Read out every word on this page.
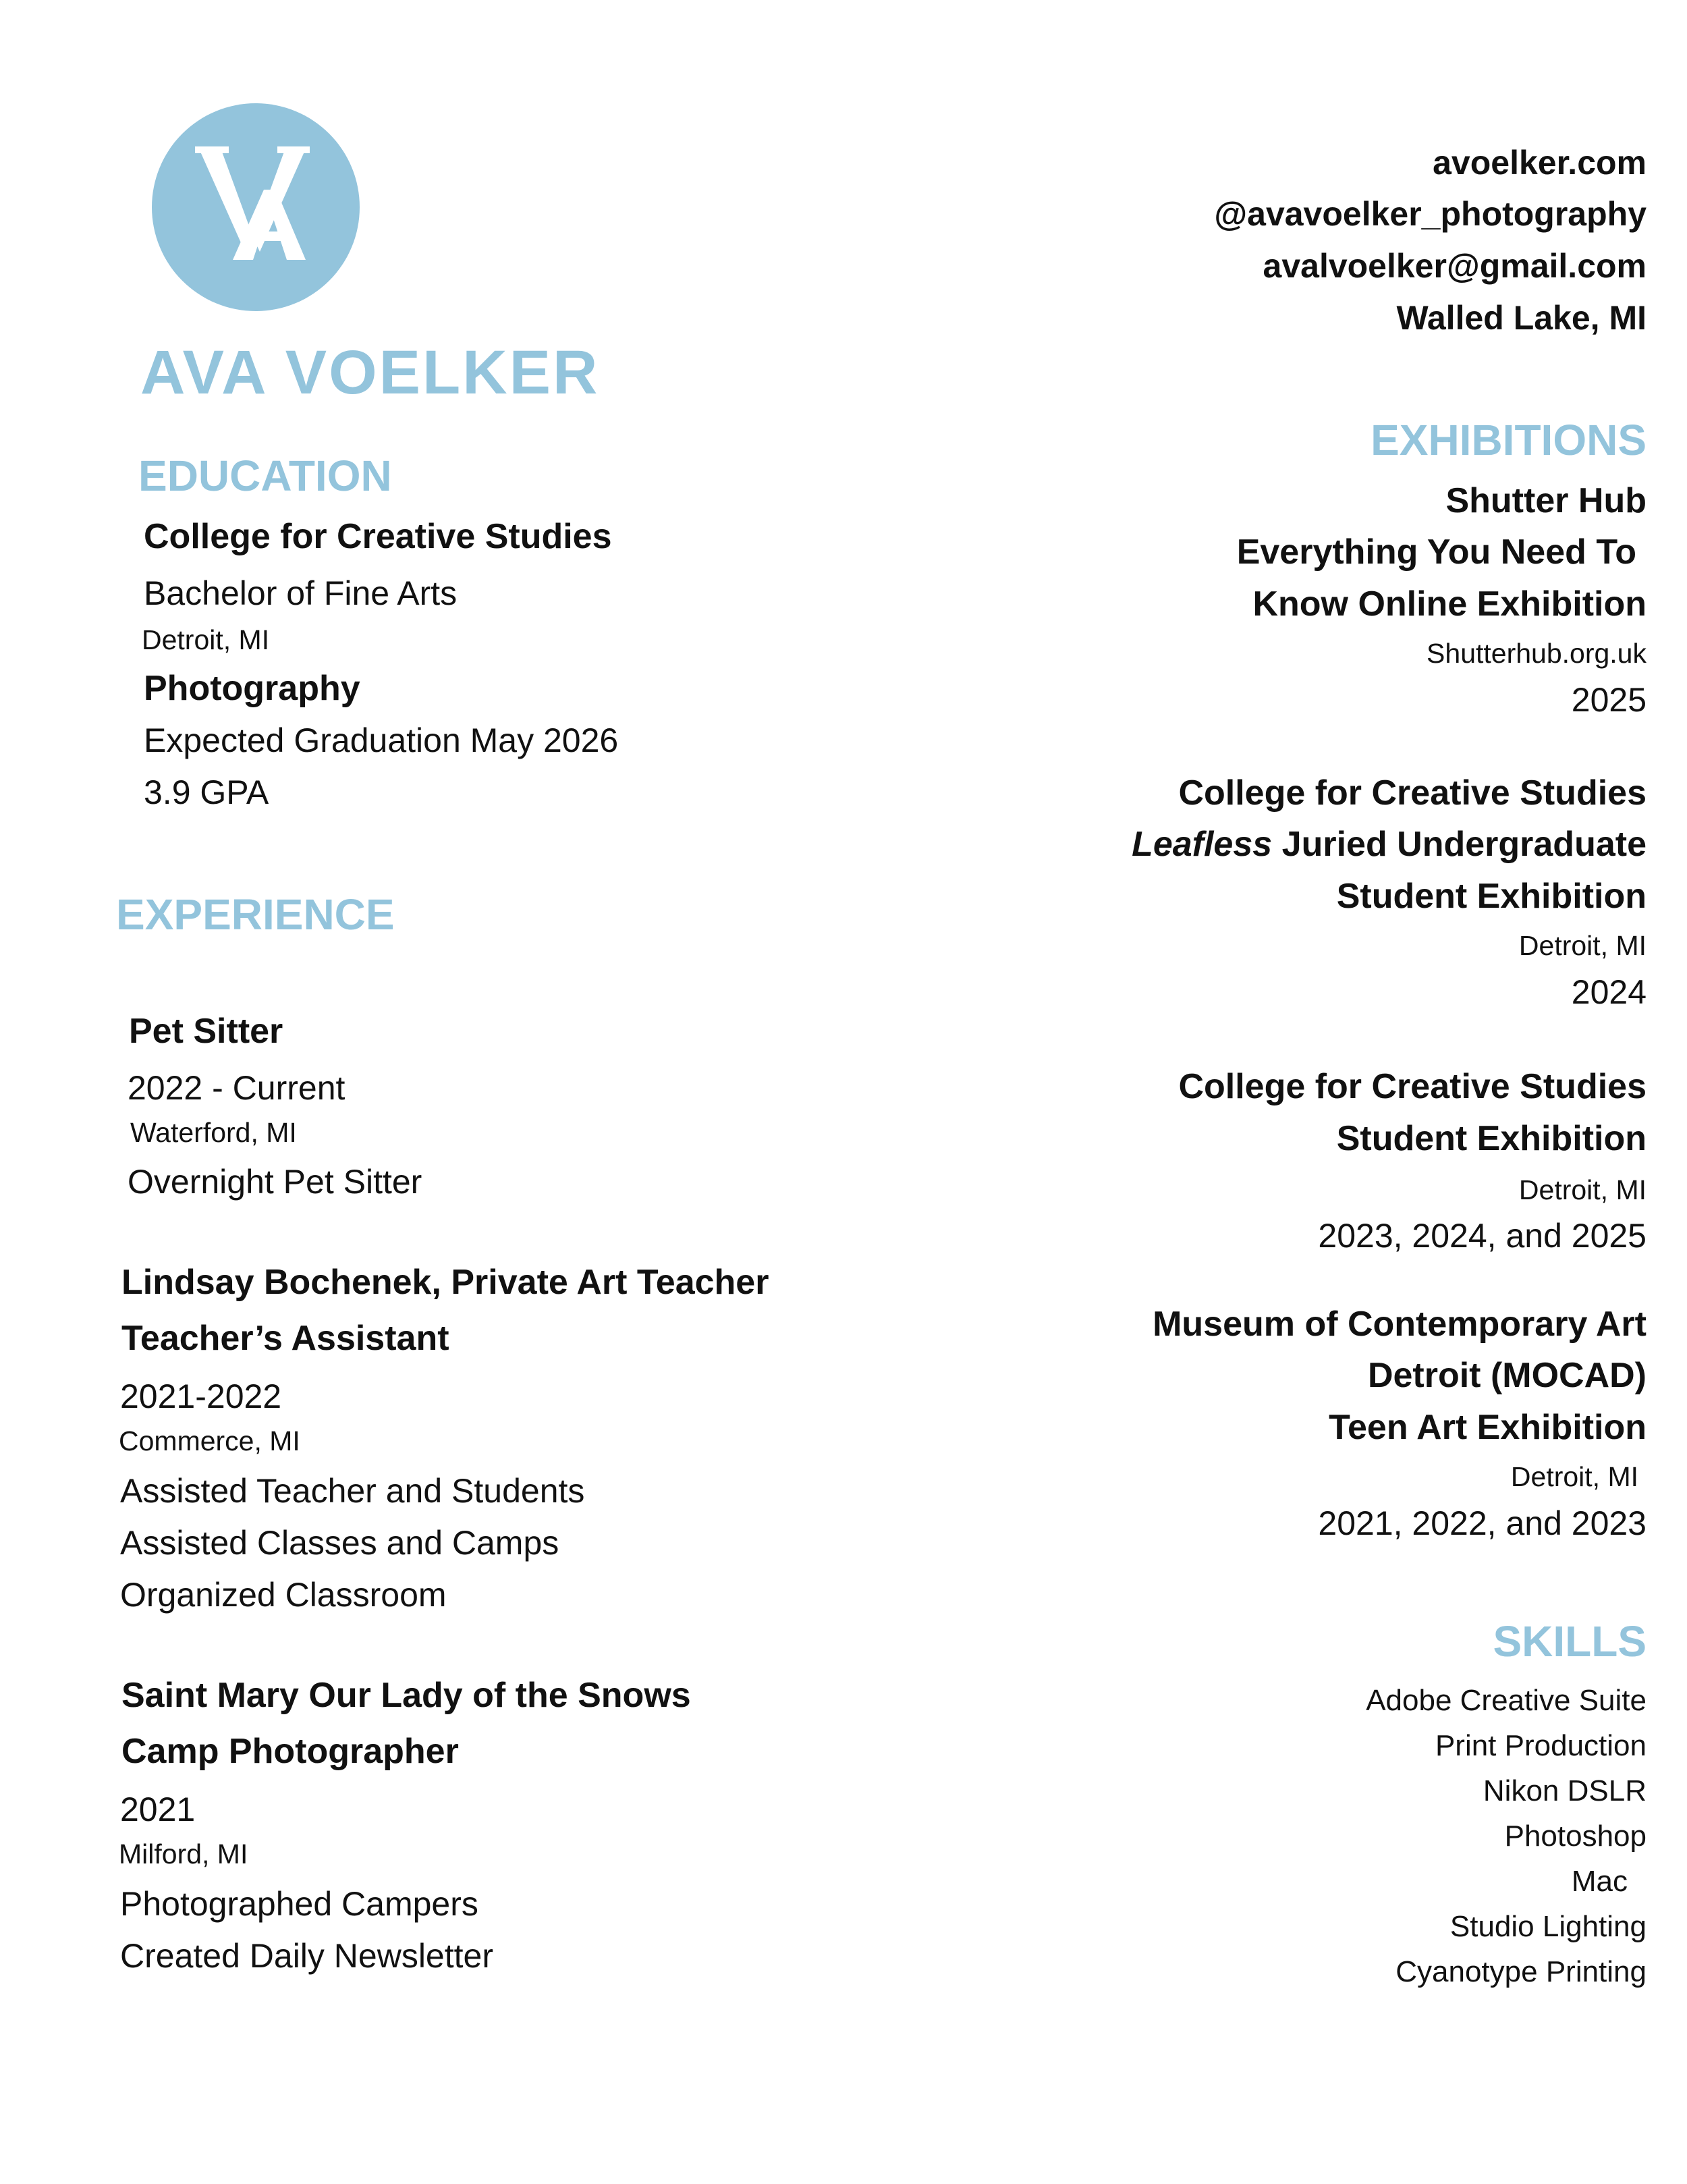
AVA VOELKER
avoelker.com
@avavoelker_photography
avalvoelker@gmail.com
Walled Lake, MI
EDUCATION
College for Creative Studies
Bachelor of Fine Arts
Detroit, MI
Photography
Expected Graduation May 2026
3.9 GPA
EXPERIENCE
Pet Sitter
2022 - Current
Waterford, MI
Overnight Pet Sitter
Lindsay Bochenek, Private Art Teacher
Teacher’s Assistant
2021-2022
Commerce, MI
Assisted Teacher and Students
Assisted Classes and Camps
Organized Classroom
Saint Mary Our Lady of the Snows
Camp Photographer
2021
Milford, MI
Photographed Campers
Created Daily Newsletter
EXHIBITIONS
Shutter Hub
Everything You Need To
Know Online Exhibition
Shutterhub.org.uk
2025
College for Creative Studies
Leafless Juried Undergraduate
Student Exhibition
Detroit, MI
2024
College for Creative Studies
Student Exhibition
Detroit, MI
2023, 2024, and 2025
Museum of Contemporary Art
Detroit (MOCAD)
Teen Art Exhibition
Detroit, MI
2021, 2022, and 2023
SKILLS
Adobe Creative Suite
Print Production
Nikon DSLR
Photoshop
Mac
Studio Lighting
Cyanotype Printing
